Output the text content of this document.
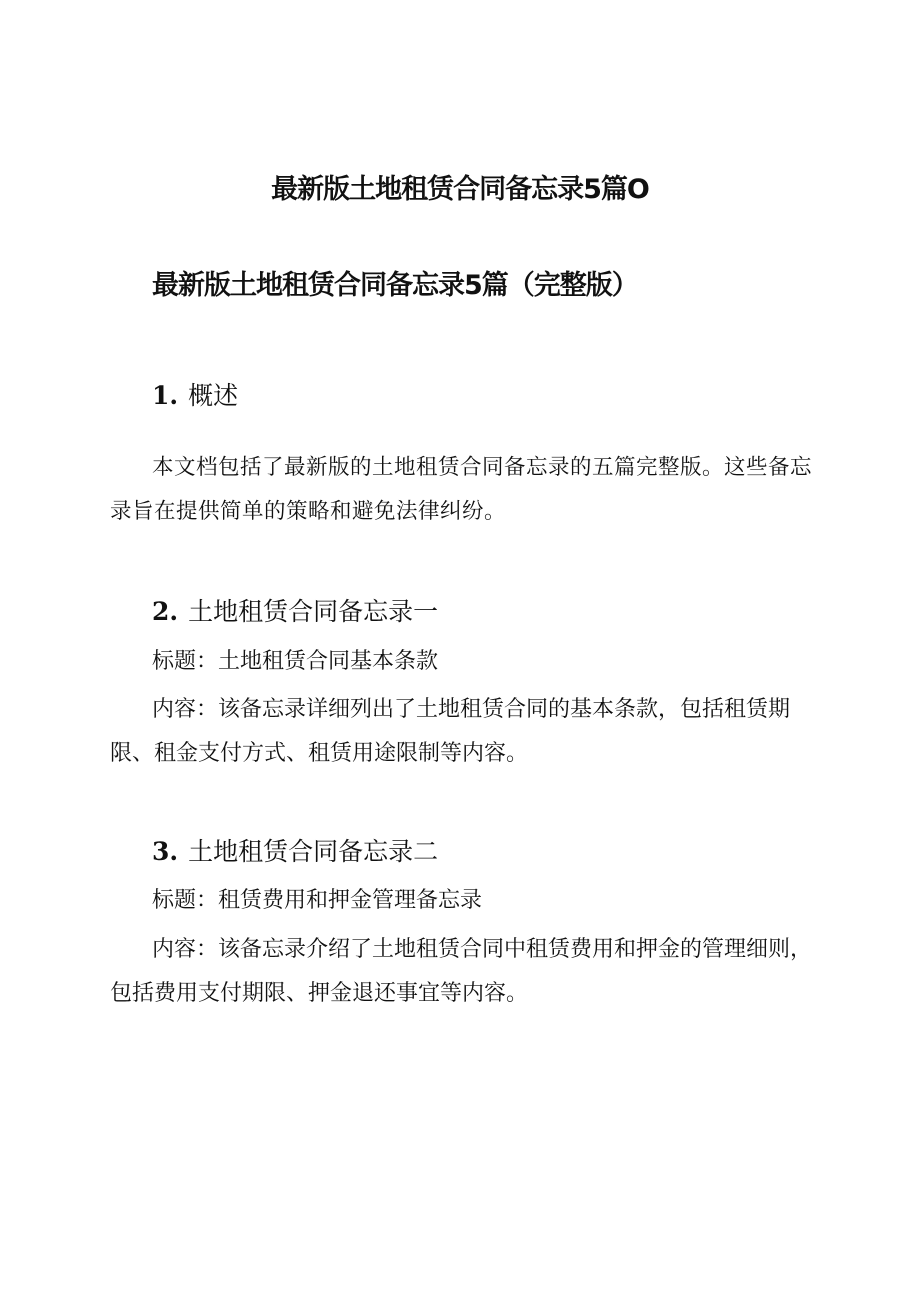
最新版土地租赁合同备忘录5篇O
最新版土地租赁合同备忘录5篇（完整版）
1. 概述
本文档包括了最新版的土地租赁合同备忘录的五篇完整版。这些备忘录旨在提供简单的策略和避免法律纠纷。
2. 土地租赁合同备忘录一
标题：土地租赁合同基本条款
内容：该备忘录详细列出了土地租赁合同的基本条款，包括租赁期限、租金支付方式、租赁用途限制等内容。
3. 土地租赁合同备忘录二
标题：租赁费用和押金管理备忘录
内容：该备忘录介绍了土地租赁合同中租赁费用和押金的管理细则，包括费用支付期限、押金退还事宜等内容。
